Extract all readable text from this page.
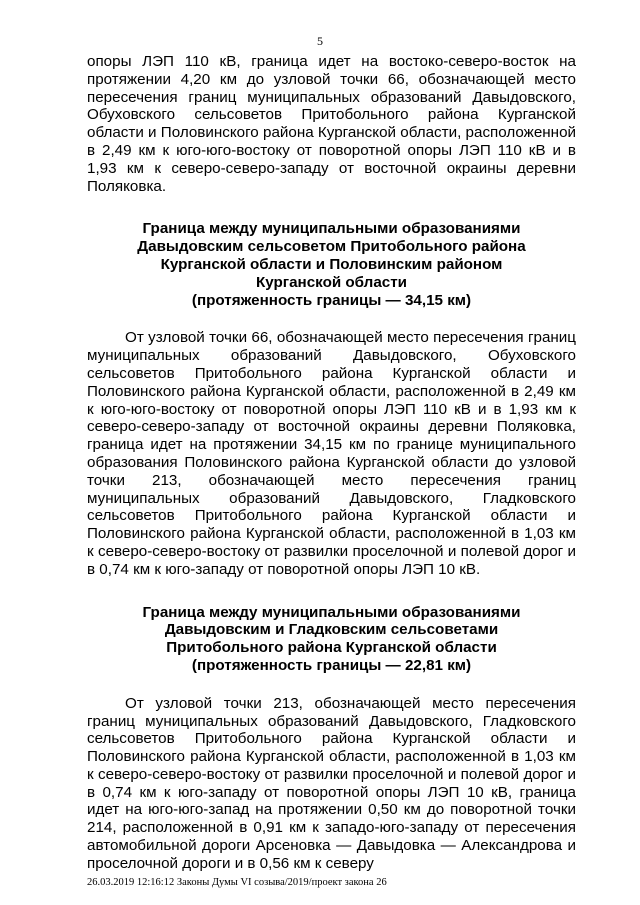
5

опоры ЛЭП 110 кВ, граница идет на востоко-северо-восток на протяжении 4,20 км до узловой точки 66, обозначающей место пересечения границ муниципальных образований Давыдовского, Обуховского сельсоветов Притобольного района Курганской области и Половинского района Курганской области, расположенной в 2,49 км к юго-юго-востоку от поворотной опоры ЛЭП 110 кВ и в 1,93 км к северо-северо-западу от восточной окраины деревни Поляковка.

Граница между муниципальными образованиями
Давыдовским сельсоветом Притобольного района
Курганской области и Половинским районом
Курганской области
(протяженность границы — 34,15 км)

От узловой точки 66, обозначающей место пересечения границ муниципальных образований Давыдовского, Обуховского сельсоветов Притобольного района Курганской области и Половинского района Курганской области, расположенной в 2,49 км к юго-юго-востоку от поворотной опоры ЛЭП 110 кВ и в 1,93 км к северо-северо-западу от восточной окраины деревни Поляковка, граница идет на протяжении 34,15 км по границе муниципального образования Половинского района Курганской области до узловой точки 213, обозначающей место пересечения границ муниципальных образований Давыдовского, Гладковского сельсоветов Притобольного района Курганской области и Половинского района Курганской области, расположенной в 1,03 км к северо-северо-востоку от развилки проселочной и полевой дорог и в 0,74 км к юго-западу от поворотной опоры ЛЭП 10 кВ.

Граница между муниципальными образованиями
Давыдовским и Гладковским сельсоветами
Притобольного района Курганской области
(протяженность границы — 22,81 км)

От узловой точки 213, обозначающей место пересечения границ муниципальных образований Давыдовского, Гладковского сельсоветов Притобольного района Курганской области и Половинского района Курганской области, расположенной в 1,03 км к северо-северо-востоку от развилки проселочной и полевой дорог и в 0,74 км к юго-западу от поворотной опоры ЛЭП 10 кВ, граница идет на юго-юго-запад на протяжении 0,50 км до поворотной точки 214, расположенной в 0,91 км к западо-юго-западу от пересечения автомобильной дороги Арсеновка — Давыдовка — Александрова и проселочной дороги и в 0,56 км к северу

26.03.2019 12:16:12 Законы Думы VI созыва/2019/проект закона 26
